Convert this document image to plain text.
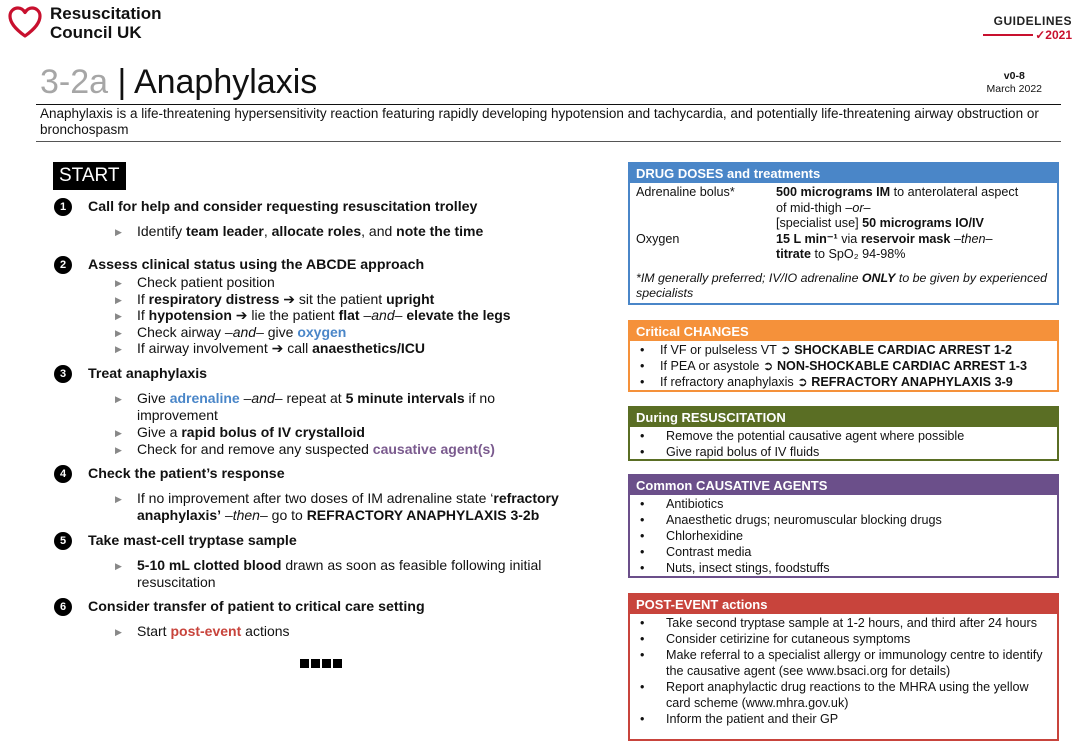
Resuscitation
Council UK
GUIDELINES
✓ 2021
3-2a | Anaphylaxis	v0-8
March 2022
Anaphylaxis is a life-threatening hypersensitivity reaction featuring rapidly developing hypotension and tachycardia, and potentially life-threatening airway obstruction or bronchospasm
START
1	Call for help and consider requesting resuscitation trolley
▶ Identify team leader, allocate roles, and note the time
2	Assess clinical status using the ABCDE approach
▶ Check patient position
▶ If respiratory distress ➔ sit the patient upright
▶ If hypotension ➔ lie the patient flat –and– elevate the legs
▶ Check airway –and– give oxygen
▶ If airway involvement ➔ call anaesthetics/ICU
3	Treat anaphylaxis
▶ Give adrenaline –and– repeat at 5 minute intervals if no
improvement
▶ Give a rapid bolus of IV crystalloid
▶ Check for and remove any suspected causative agent(s)
4	Check the patient’s response
▶ If no improvement after two doses of IM adrenaline state ‘refractory
anaphylaxis’ –then– go to REFRACTORY ANAPHYLAXIS 3-2b
5	Take mast-cell tryptase sample
▶ 5-10 mL clotted blood drawn as soon as feasible following initial
resuscitation
6	Consider transfer of patient to critical care setting
▶ Start post-event actions
DRUG DOSES and treatments
Adrenaline bolus*	500 micrograms IM to anterolateral aspect
of mid-thigh –or–
[specialist use] 50 micrograms IO/IV
Oxygen	15 L min⁻¹ via reservoir mask –then–
titrate to SpO₂ 94-98%
*IM generally preferred; IV/IO adrenaline ONLY to be given by experienced specialists
Critical CHANGES
• If VF or pulseless VT ➲ SHOCKABLE CARDIAC ARREST 1-2
• If PEA or asystole ➲ NON-SHOCKABLE CARDIAC ARREST 1-3
• If refractory anaphylaxis ➲ REFRACTORY ANAPHYLAXIS 3-9
During RESUSCITATION
• Remove the potential causative agent where possible
• Give rapid bolus of IV fluids
Common CAUSATIVE AGENTS
• Antibiotics
• Anaesthetic drugs; neuromuscular blocking drugs
• Chlorhexidine
• Contrast media
• Nuts, insect stings, foodstuffs
POST-EVENT actions
• Take second tryptase sample at 1-2 hours, and third after 24 hours
• Consider cetirizine for cutaneous symptoms
• Make referral to a specialist allergy or immunology centre to identify the causative agent (see www.bsaci.org for details)
• Report anaphylactic drug reactions to the MHRA using the yellow card scheme (www.mhra.gov.uk)
• Inform the patient and their GP
